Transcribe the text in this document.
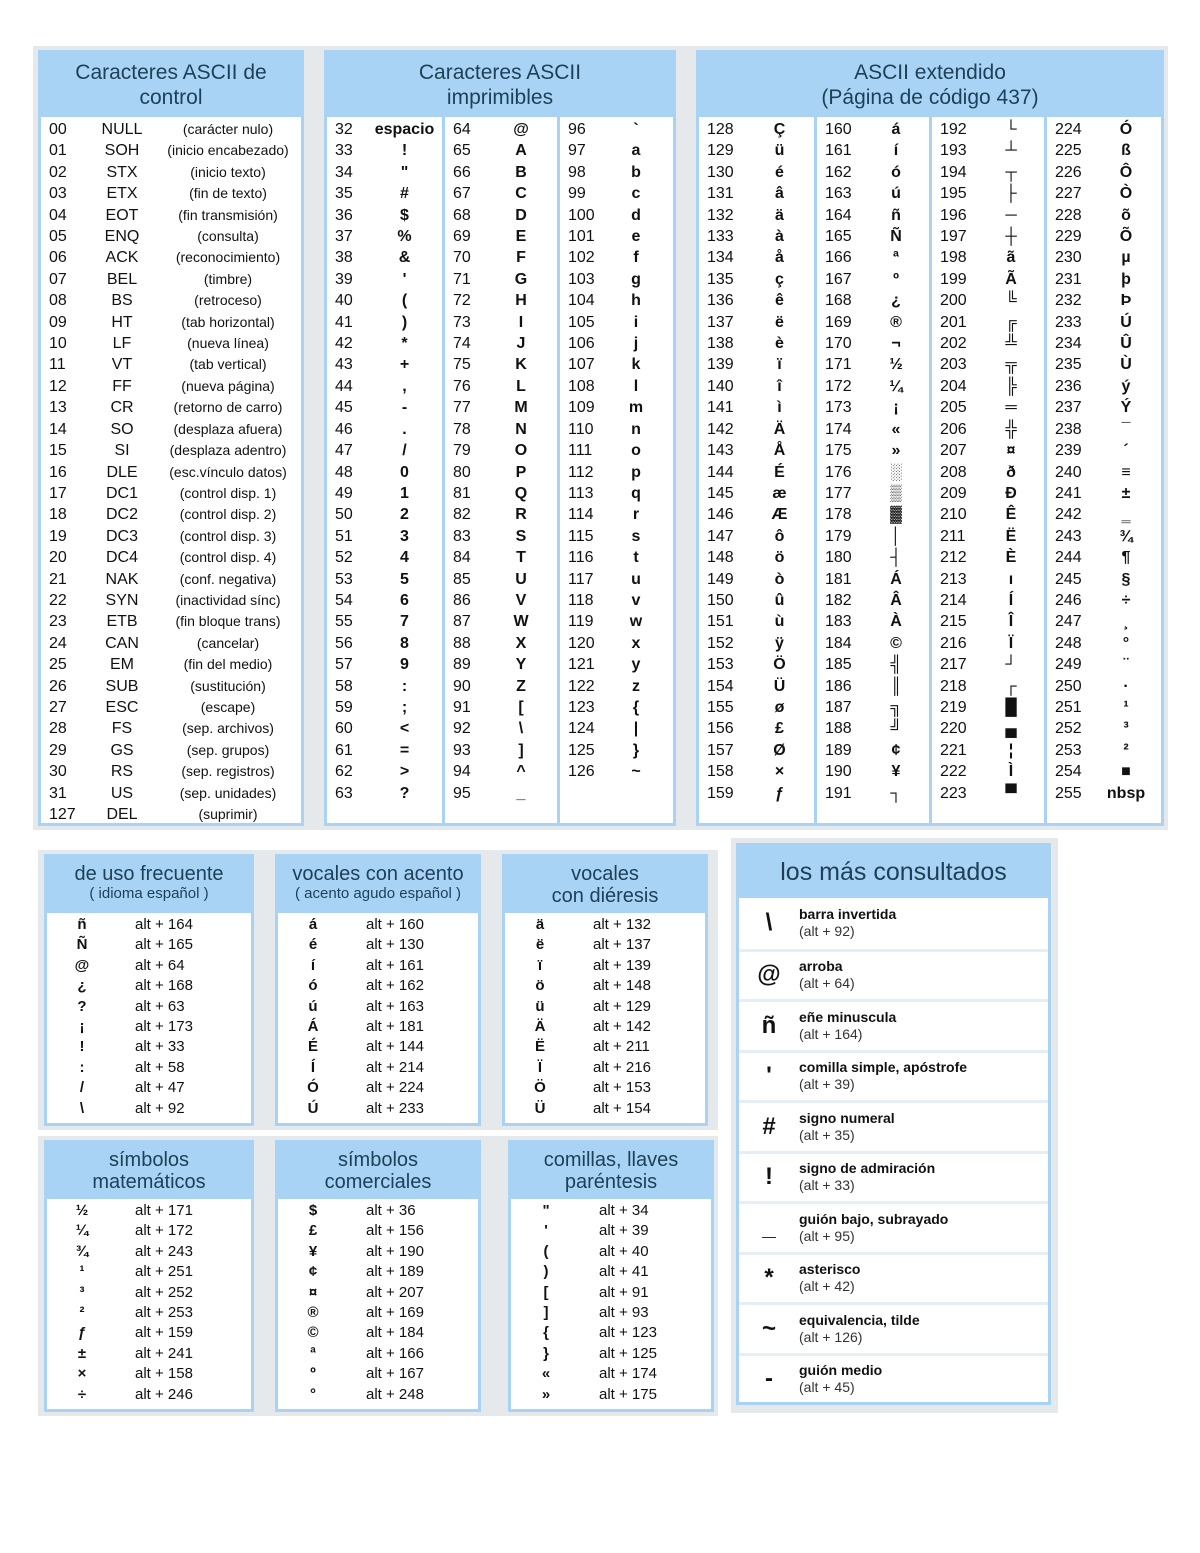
Caracteres ASCII de
control
00	NULL	(carácter nulo)
01	SOH	(inicio encabezado)
02	STX	(inicio texto)
03	ETX	(fin de texto)
04	EOT	(fin transmisión)
05	ENQ	(consulta)
06	ACK	(reconocimiento)
07	BEL	(timbre)
08	BS	(retroceso)
09	HT	(tab horizontal)
10	LF	(nueva línea)
11	VT	(tab vertical)
12	FF	(nueva página)
13	CR	(retorno de carro)
14	SO	(desplaza afuera)
15	SI	(desplaza adentro)
16	DLE	(esc.vínculo datos)
17	DC1	(control disp. 1)
18	DC2	(control disp. 2)
19	DC3	(control disp. 3)
20	DC4	(control disp. 4)
21	NAK	(conf. negativa)
22	SYN	(inactividad sínc)
23	ETB	(fin bloque trans)
24	CAN	(cancelar)
25	EM	(fin del medio)
26	SUB	(sustitución)
27	ESC	(escape)
28	FS	(sep. archivos)
29	GS	(sep. grupos)
30	RS	(sep. registros)
31	US	(sep. unidades)
127	DEL	(suprimir)
Caracteres ASCII
imprimibles
32	espacio
33	!
34	"
35	#
36	$
37	%
38	&
39	'
40	(
41	)
42	*
43	+
44	,
45	-
46	.
47	/
48	0
49	1
50	2
51	3
52	4
53	5
54	6
55	7
56	8
57	9
58	:
59	;
60	<
61	=
62	>
63	?
64	@
65	A
66	B
67	C
68	D
69	E
70	F
71	G
72	H
73	I
74	J
75	K
76	L
77	M
78	N
79	O
80	P
81	Q
82	R
83	S
84	T
85	U
86	V
87	W
88	X
89	Y
90	Z
91	[
92	\
93	]
94	^
95	_
96	`
97	a
98	b
99	c
100	d
101	e
102	f
103	g
104	h
105	i
106	j
107	k
108	l
109	m
110	n
111	o
112	p
113	q
114	r
115	s
116	t
117	u
118	v
119	w
120	x
121	y
122	z
123	{
124	|
125	}
126	~
ASCII extendido
(Página de código 437)
128	Ç
129	ü
130	é
131	â
132	ä
133	à
134	å
135	ç
136	ê
137	ë
138	è
139	ï
140	î
141	ì
142	Ä
143	Å
144	É
145	æ
146	Æ
147	ô
148	ö
149	ò
150	û
151	ù
152	ÿ
153	Ö
154	Ü
155	ø
156	£
157	Ø
158	×
159	ƒ
160	á
161	í
162	ó
163	ú
164	ñ
165	Ñ
166	ª
167	º
168	¿
169	®
170	¬
171	½
172	¼
173	¡
174	«
175	»
176	░
177	▒
178	▓
179	│
180	┤
181	Á
182	Â
183	À
184	©
185	╣
186	║
187	╗
188	╝
189	¢
190	¥
191	┐
192	└
193	┴
194	┬
195	├
196	─
197	┼
198	ã
199	Ã
200	╚
201	╔
202	╩
203	╦
204	╠
205	═
206	╬
207	¤
208	ð
209	Ð
210	Ê
211	Ë
212	È
213	ı
214	Í
215	Î
216	Ï
217	┘
218	┌
219	█
220	▄
221	¦
222	Ì
223	▀
224	Ó
225	ß
226	Ô
227	Ò
228	õ
229	Õ
230	µ
231	þ
232	Þ
233	Ú
234	Û
235	Ù
236	ý
237	Ý
238	¯
239	´
240	≡
241	±
242	‗
243	¾
244	¶
245	§
246	÷
247	¸
248	°
249	¨
250	·
251	¹
252	³
253	²
254	■
255	nbsp
de uso frecuente
( idioma español )
ñ	alt + 164
Ñ	alt + 165
@	alt + 64
¿	alt + 168
?	alt + 63
¡	alt + 173
!	alt + 33
:	alt + 58
/	alt + 47
\	alt + 92
vocales con acento
( acento agudo español )
á	alt + 160
é	alt + 130
í	alt + 161
ó	alt + 162
ú	alt + 163
Á	alt + 181
É	alt + 144
Í	alt + 214
Ó	alt + 224
Ú	alt + 233
vocales
con diéresis
ä	alt + 132
ë	alt + 137
ï	alt + 139
ö	alt + 148
ü	alt + 129
Ä	alt + 142
Ë	alt + 211
Ï	alt + 216
Ö	alt + 153
Ü	alt + 154
símbolos
matemáticos
½	alt + 171
¼	alt + 172
¾	alt + 243
¹	alt + 251
³	alt + 252
²	alt + 253
ƒ	alt + 159
±	alt + 241
×	alt + 158
÷	alt + 246
símbolos
comerciales
$	alt + 36
£	alt + 156
¥	alt + 190
¢	alt + 189
¤	alt + 207
®	alt + 169
©	alt + 184
ª	alt + 166
º	alt + 167
°	alt + 248
comillas, llaves
paréntesis
"	alt + 34
'	alt + 39
(	alt + 40
)	alt + 41
[	alt + 91
]	alt + 93
{	alt + 123
}	alt + 125
«	alt + 174
»	alt + 175
los más consultados
\	barra invertida
(alt + 92)
@	arroba
(alt + 64)
ñ	eñe minuscula
(alt + 164)
'	comilla simple, apóstrofe
(alt + 39)
#	signo numeral
(alt + 35)
!	signo de admiración
(alt + 33)
_	guión bajo, subrayado
(alt + 95)
*	asterisco
(alt + 42)
~	equivalencia, tilde
(alt + 126)
-	guión medio
(alt + 45)
